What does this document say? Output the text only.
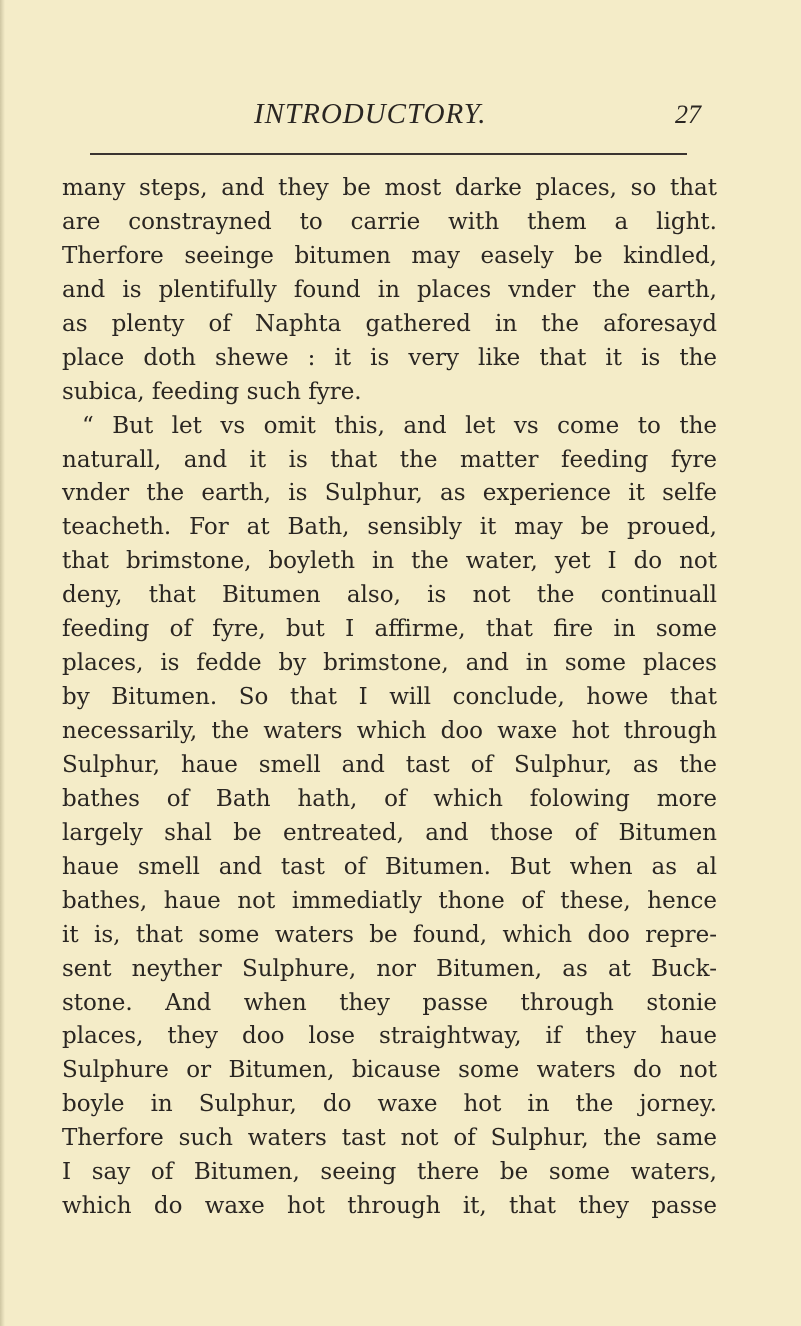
INTRODUCTORY.	27
many steps, and they be most darke places, so that
are constrayned to carrie with them a light.
Therfore seeinge bitumen may easely be kindled,
and is plentifully found in places vnder the earth,
as plenty of Naphta gathered in the aforesayd
place doth shewe : it is very like that it is the
subica, feeding such fyre.
“ But let vs omit this, and let vs come to the
naturall, and it is that the matter feeding fyre
vnder the earth, is Sulphur, as experience it selfe
teacheth. For at Bath, sensibly it may be proued,
that brimstone, boyleth in the water, yet I do not
deny, that Bitumen also, is not the continuall
feeding of fyre, but I affirme, that fire in some
places, is fedde by brimstone, and in some places
by Bitumen. So that I will conclude, howe that
necessarily, the waters which doo waxe hot through
Sulphur, haue smell and tast of Sulphur, as the
bathes of Bath hath, of which folowing more
largely shal be entreated, and those of Bitumen
haue smell and tast of Bitumen. But when as al
bathes, haue not immediatly thone of these, hence
it is, that some waters be found, which doo repre-
sent neyther Sulphure, nor Bitumen, as at Buck-
stone. And when they passe through stonie
places, they doo lose straightway, if they haue
Sulphure or Bitumen, bicause some waters do not
boyle in Sulphur, do waxe hot in the jorney.
Therfore such waters tast not of Sulphur, the same
I say of Bitumen, seeing there be some waters,
which do waxe hot through it, that they passe
